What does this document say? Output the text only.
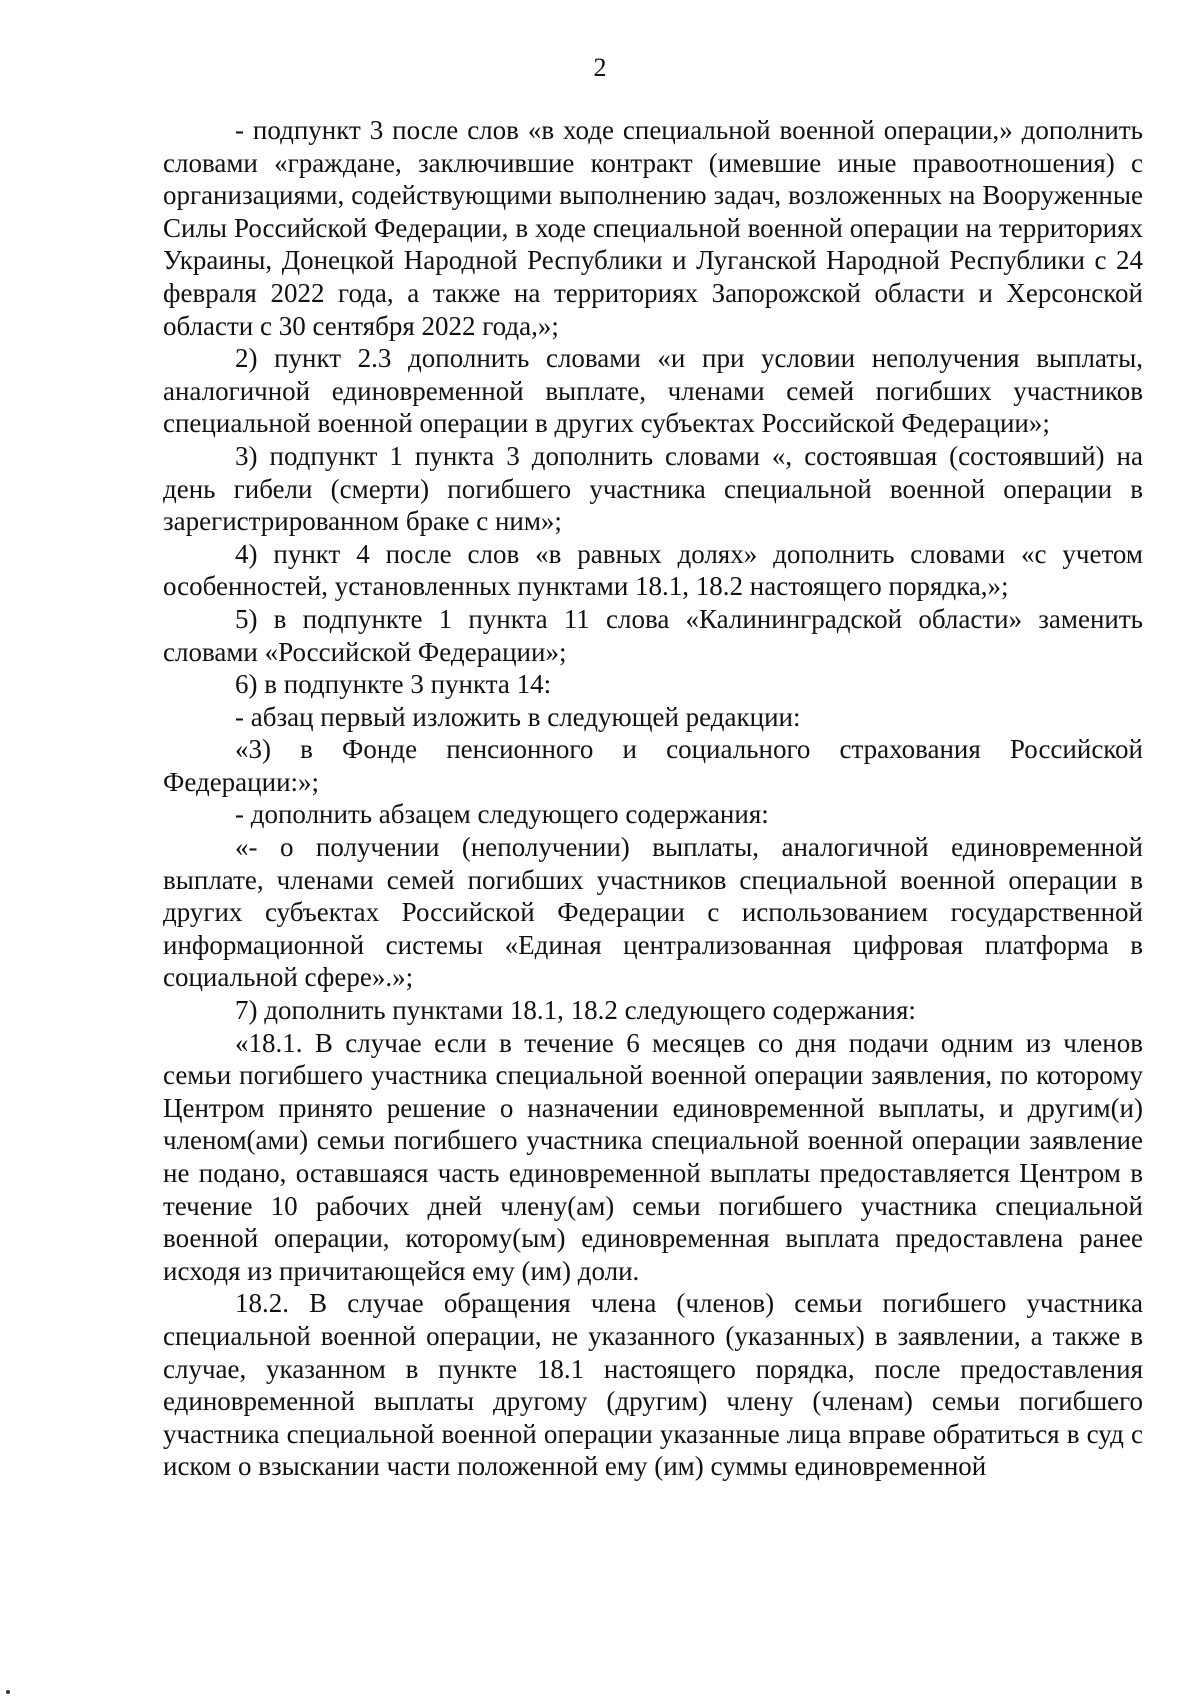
2

- подпункт 3 после слов «в ходе специальной военной операции,» дополнить словами «граждане, заключившие контракт (имевшие иные правоотношения) с организациями, содействующими выполнению задач, возложенных на Вооруженные Силы Российской Федерации, в ходе специальной военной операции на территориях Украины, Донецкой Народной Республики и Луганской Народной Республики с 24 февраля 2022 года, а также на территориях Запорожской области и Херсонской области с 30 сентября 2022 года,»;

2) пункт 2.3 дополнить словами «и при условии неполучения выплаты, аналогичной единовременной выплате, членами семей погибших участников специальной военной операции в других субъектах Российской Федерации»;

3) подпункт 1 пункта 3 дополнить словами «, состоявшая (состоявший) на день гибели (смерти) погибшего участника специальной военной операции в зарегистрированном браке с ним»;

4) пункт 4 после слов «в равных долях» дополнить словами «с учетом особенностей, установленных пунктами 18.1, 18.2 настоящего порядка,»;

5) в подпункте 1 пункта 11 слова «Калининградской области» заменить словами «Российской Федерации»;

6) в подпункте 3 пункта 14:

- абзац первый изложить в следующей редакции:

«3) в Фонде пенсионного и социального страхования Российской Федерации:»;

- дополнить абзацем следующего содержания:

«- о получении (неполучении) выплаты, аналогичной единовременной выплате, членами семей погибших участников специальной военной операции в других субъектах Российской Федерации с использованием государственной информационной системы «Единая централизованная цифровая платформа в социальной сфере».»;

7) дополнить пунктами 18.1, 18.2 следующего содержания:

«18.1. В случае если в течение 6 месяцев со дня подачи одним из членов семьи погибшего участника специальной военной операции заявления, по которому Центром принято решение о назначении единовременной выплаты, и другим(и) членом(ами) семьи погибшего участника специальной военной операции заявление не подано, оставшаяся часть единовременной выплаты предоставляется Центром в течение 10 рабочих дней члену(ам) семьи погибшего участника специальной военной операции, которому(ым) единовременная выплата предоставлена ранее исходя из причитающейся ему (им) доли.

18.2. В случае обращения члена (членов) семьи погибшего участника специальной военной операции, не указанного (указанных) в заявлении, а также в случае, указанном в пункте 18.1 настоящего порядка, после предоставления единовременной выплаты другому (другим) члену (членам) семьи погибшего участника специальной военной операции указанные лица вправе обратиться в суд с иском о взыскании части положенной ему (им) суммы единовременной
